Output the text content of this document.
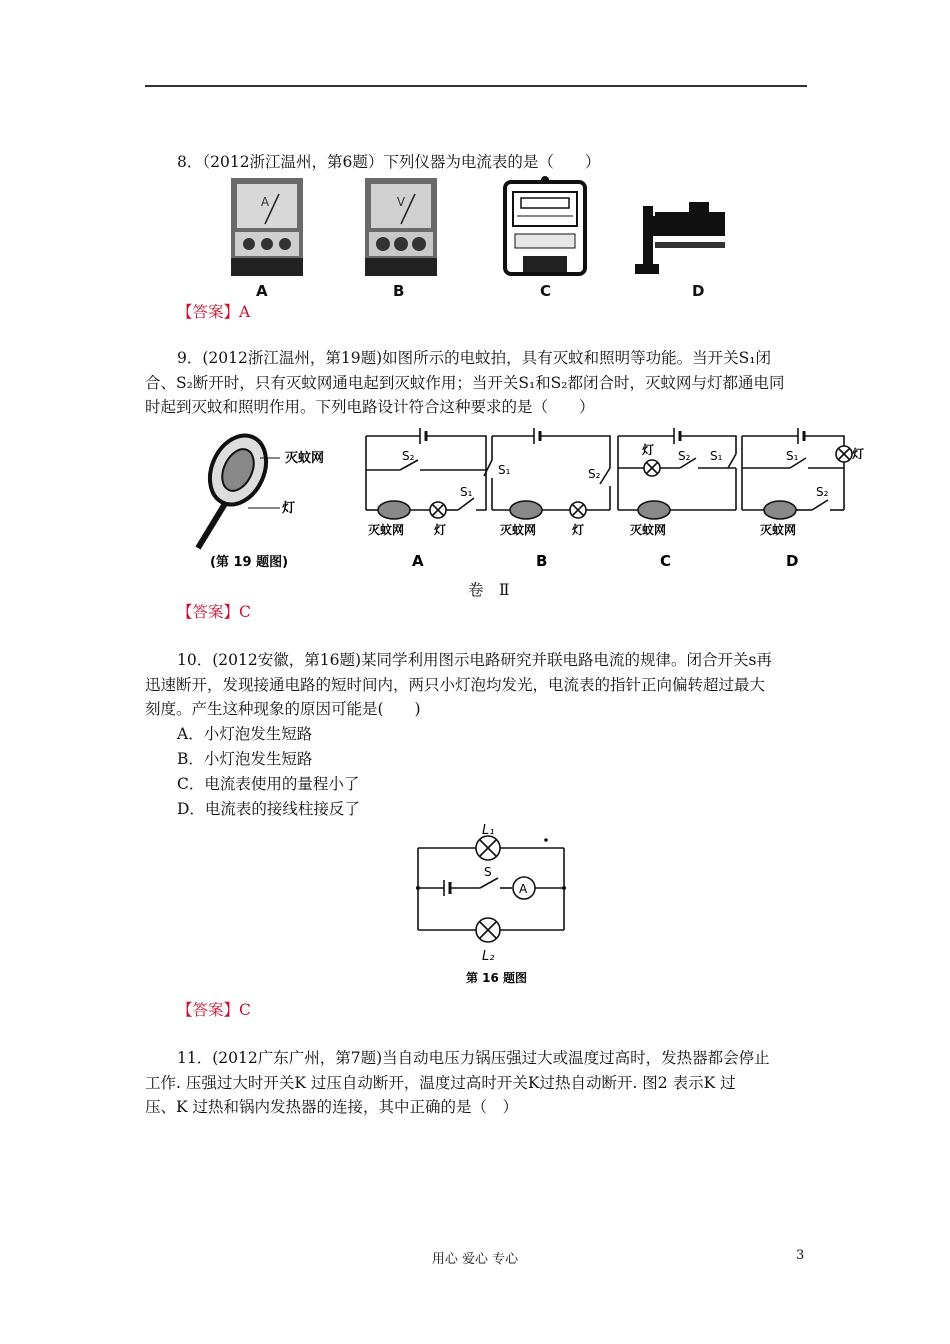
8．（2012浙江温州，第6题）下列仪器为电流表的是（　　）
A	V
A	B	C	D
【答案】A
9．(2012浙江温州，第19题)如图所示的电蚊拍，具有灭蚊和照明等功能。当开关S₁闭
合、S₂断开时，只有灭蚊网通电起到灭蚊作用；当开关S₁和S₂都闭合时，灭蚊网与灯都通电同
时起到灭蚊和照明作用。下列电路设计符合这种要求的是（　　）
灭蚊网
灯
(第 19 题图)
S₂
S₁
灭蚊网 灯
S₁	S₂
灭蚊网	灯
灯 S₂ S₁
灭蚊网
S₁	灯
S₂
灭蚊网
A	B	C	D
卷　Ⅱ
【答案】C
10．(2012安徽，第16题)某同学利用图示电路研究并联电路电流的规律。闭合开关s再
迅速断开，发现接通电路的短时间内，两只小灯泡均发光，电流表的指针正向偏转超过最大
刻度。产生这种现象的原因可能是(　　)
A．小灯泡发生短路
B．小灯泡发生短路
C．电流表使用的量程小了
D．电流表的接线柱接反了
L₁
S
A
L₂
第 16 题图
【答案】C
11．(2012广东广州，第7题)当自动电压力锅压强过大或温度过高时，发热器都会停止
工作. 压强过大时开关K 过压自动断开，温度过高时开关K过热自动断开. 图2 表示K 过
压、K 过热和锅内发热器的连接，其中正确的是（　）
用心 爱心 专心	3
